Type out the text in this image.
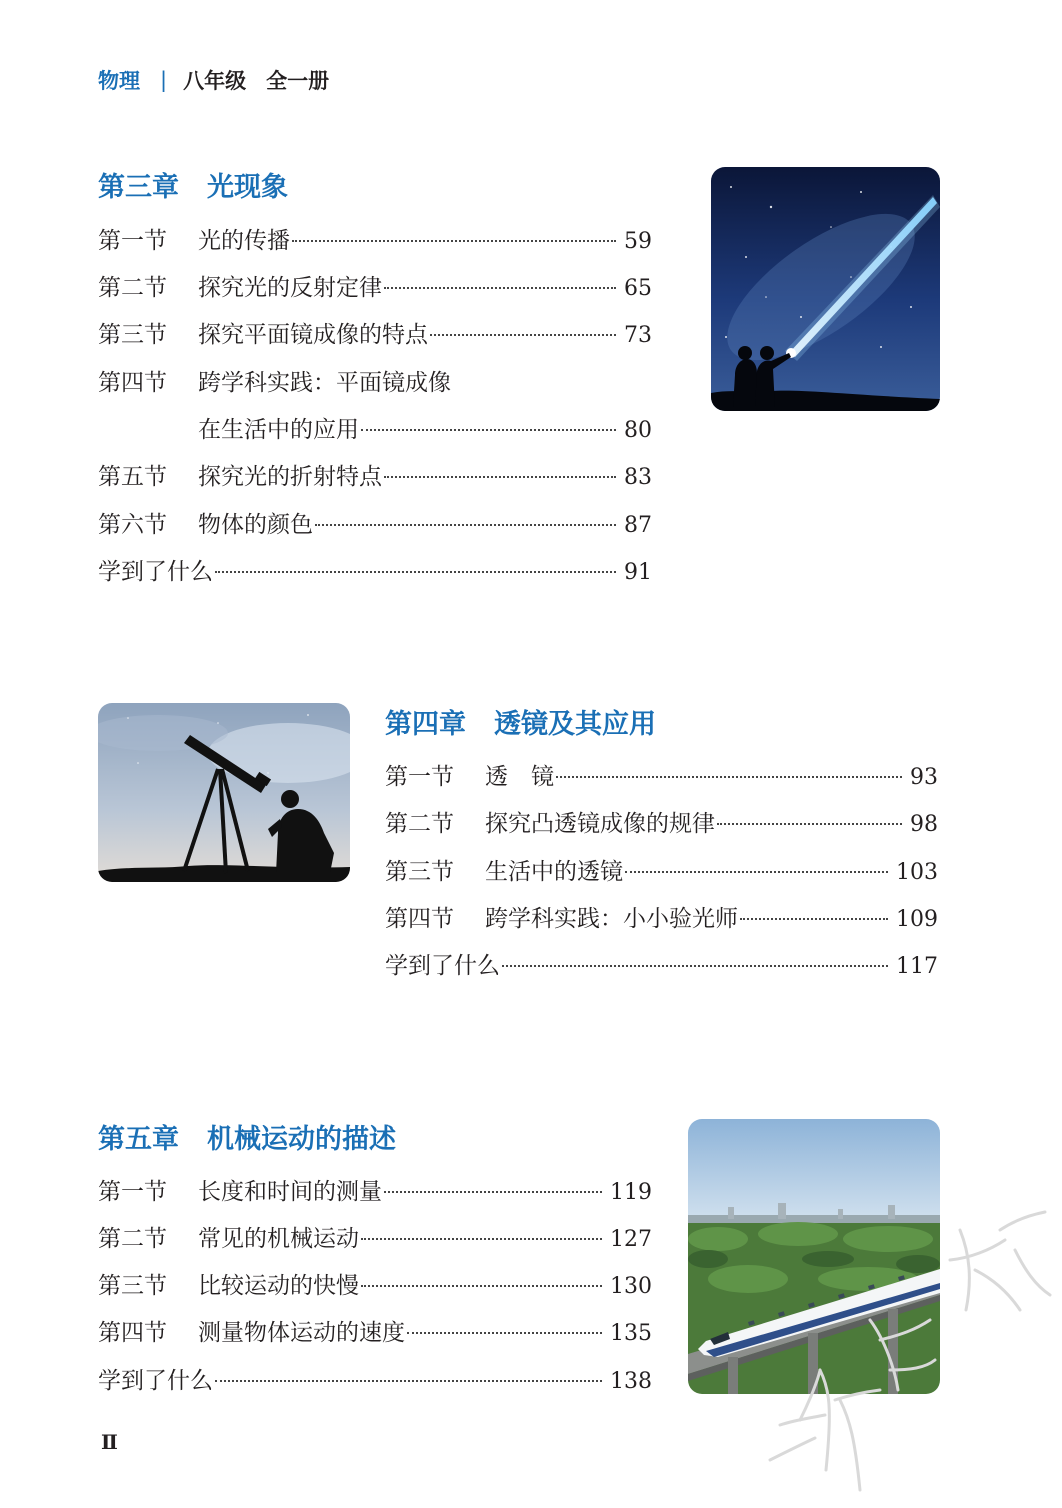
物理 | 八年级 全一册
第三章 光现象
第一节	光的传播	59
第二节	探究光的反射定律	65
第三节	探究平面镜成像的特点	73
第四节	跨学科实践：平面镜成像
在生活中的应用	80
第五节	探究光的折射特点	83
第六节	物体的颜色	87
学到了什么	91
第四章 透镜及其应用
第一节	透　镜	93
第二节	探究凸透镜成像的规律	98
第三节	生活中的透镜	103
第四节	跨学科实践：小小验光师	109
学到了什么	117
第五章 机械运动的描述
第一节	长度和时间的测量	119
第二节	常见的机械运动	127
第三节	比较运动的快慢	130
第四节	测量物体运动的速度	135
学到了什么	138
Ⅱ
